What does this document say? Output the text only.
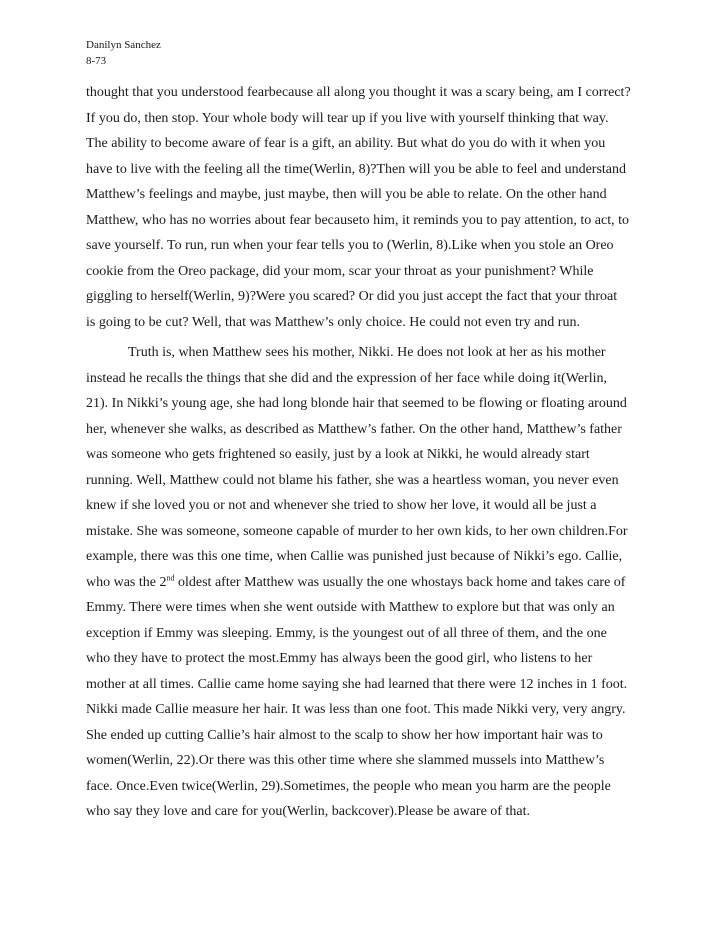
Danilyn Sanchez
8-73
thought that you understood fearbecause all along you thought it was a scary being, am I correct?
If you do, then stop. Your whole body will tear up if you live with yourself thinking that way.
The ability to become aware of fear is a gift, an ability. But what do you do with it when you
have to live with the feeling all the time(Werlin, 8)?Then will you be able to feel and understand
Matthew’s feelings and maybe, just maybe, then will you be able to relate. On the other hand
Matthew, who has no worries about fear becauseto him, it reminds you to pay attention, to act, to
save yourself. To run, run when your fear tells you to (Werlin, 8).Like when you stole an Oreo
cookie from the Oreo package, did your mom, scar your throat as your punishment? While
giggling to herself(Werlin, 9)?Were you scared? Or did you just accept the fact that your throat
is going to be cut? Well, that was Matthew’s only choice. He could not even try and run.
Truth is, when Matthew sees his mother, Nikki. He does not look at her as his mother
instead he recalls the things that she did and the expression of her face while doing it(Werlin,
21). In Nikki’s young age, she had long blonde hair that seemed to be flowing or floating around
her, whenever she walks, as described as Matthew’s father. On the other hand, Matthew’s father
was someone who gets frightened so easily, just by a look at Nikki, he would already start
running. Well, Matthew could not blame his father, she was a heartless woman, you never even
knew if she loved you or not and whenever she tried to show her love, it would all be just a
mistake. She was someone, someone capable of murder to her own kids, to her own children.For
example, there was this one time, when Callie was punished just because of Nikki’s ego. Callie,
who was the 2nd oldest after Matthew was usually the one whostays back home and takes care of
Emmy. There were times when she went outside with Matthew to explore but that was only an
exception if Emmy was sleeping. Emmy, is the youngest out of all three of them, and the one
who they have to protect the most.Emmy has always been the good girl, who listens to her
mother at all times. Callie came home saying she had learned that there were 12 inches in 1 foot.
Nikki made Callie measure her hair. It was less than one foot. This made Nikki very, very angry.
She ended up cutting Callie’s hair almost to the scalp to show her how important hair was to
women(Werlin, 22).Or there was this other time where she slammed mussels into Matthew’s
face. Once.Even twice(Werlin, 29).Sometimes, the people who mean you harm are the people
who say they love and care for you(Werlin, backcover).Please be aware of that.
